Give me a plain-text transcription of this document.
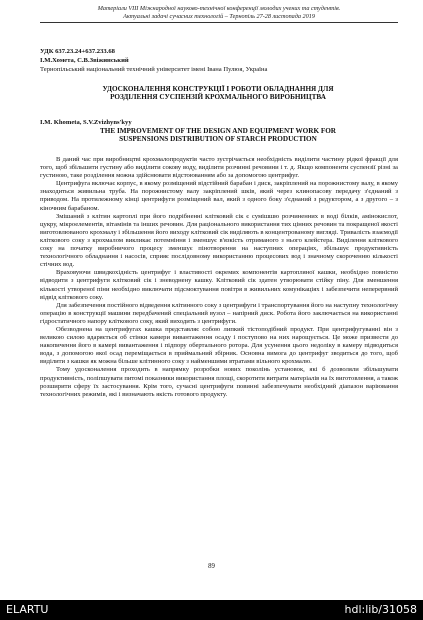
Матеріали VIII Міжнародної науково-технічної конференції молодих учених та студентів.
Актуальні задачі сучасних технологій – Тернопіль 27-28 листопада 2019
УДК 637.23.24+637.233.68
І.М.Хомета, С.В.Звіжинський
Тернопільський національний технічний університет імені Івана Пулюя, Україна
УДОСКОНАЛЕННЯ КОНСТРУКЦІЇ І РОБОТИ ОБЛАДНАННЯ ДЛЯ
РОЗДІЛЕННЯ СУСПЕНЗІЙ КРОХМАЛЬНОГО ВИРОБНИЦТВА
I.M. Khometa, S.V.Zvizhyns'kyy
THE IMPROVEMENT OF THE DESIGN AND EQUIPMENT WORK FOR
SUSPENSIONS DISTRIBUTION OF STARCH PRODUCTION

В даний час при виробництві крохмалопродуктів часто зустрічається необхідність виділити частину рідкої фракції для того, щоб збільшити густину або виділити сокову воду, виділити розчинні речовини і т. д. Якщо компоненти суспензії різні за густиною, таке розділення можна здійснювати відстоюванням або за допомогою центрифуг.

Центрифуга включає корпус, в якому розміщений відстійний барабан і диск, закріплений на порожнистому валу, в якому знаходиться живильна труба. На порожнистому валу закріплений шків, який через клинопасову передачу з'єднаний з приводом. На протилежному кінці центрифуги розміщений вал, який з одного боку з'єднаний з редуктором, а з другого – з кіночним барабаном.

Змішаний з клітин картоплі при його подрібненні клітковий сік є сумішшю розчиненних в воді білків, амінокислот, цукру, мікроелементів, вітамінів та інших речовин. Для раціонального використання тих цінних речовин та покращеної якості виготовлюваного крохмалу і збільшення його виходу клітковий сік виділяють в концентрованому вигляді. Тривалість взаємодії кліткового соку з крохмалом викликає потемніння і зменшує в'язкість отриманого з нього клейстера. Виділення кліткового соку на початку виробничого процесу зменшує пінотворення на наступних операціях, збільшує продуктивність технологічного обладнання і насосів, сприяє послідовному використанню процесових вод і значному скороченню кількості стічних вод.

Враховуючи швидкохідність центрифуг і властивості окремих компонентів картопляної кашки, необхідно повністю відводити з центрифуги клітковий сік і зневоднену кашку. Клітковий сік здатен утворювати стійку піну. Для зменшення кількості утвореної піни необхідно виключати підсмоктування повітря в живильних комунікаціях і забезпечити неперервний відвід кліткового соку.

Для забезпечення постійного відведення клітинного соку з центрифуги і транспортування його на наступну технологічну операцію в конструкції машини передбачений спеціальний вузол – напірний диск. Робота його заключається на використанні гідростатичного напору кліткового соку, який виходить з центрифуги.

Обезводнена на центрифугах кашка представляє собою липкий тістоподібний продукт. При центрифугуванні він з великою силою вдаряється об стінки камери вивантаження осаду і поступово на них нарощується. Це може призвести до накопичення його в камері вивантаження і підпору обертального ротора. Для усунення цього недоліку в камеру підводиться вода, з допомогою якої осад переміщається в приймальний збірник. Основна вимога до центрифуг зводиться до того, щоб виділити з кашки як можна більше клітинного соку з найменшими втратами вільного крохмалю.

Тому удосконалення проходить в напрямку розробки нових поколінь установок, які б дозволяли збільшувати продуктивність, поліпшувати питомі показники використання площі, скоротити витрати матеріалів на їх виготовлення, а також розширити сферу їх застосування. Крім того, сучасні центрифуги повинні забезпечувати необхідний діапазон варіювання технологічних режимів, які і визначають якість готового продукту.

89
ELARTU	hdl:lib/31058
